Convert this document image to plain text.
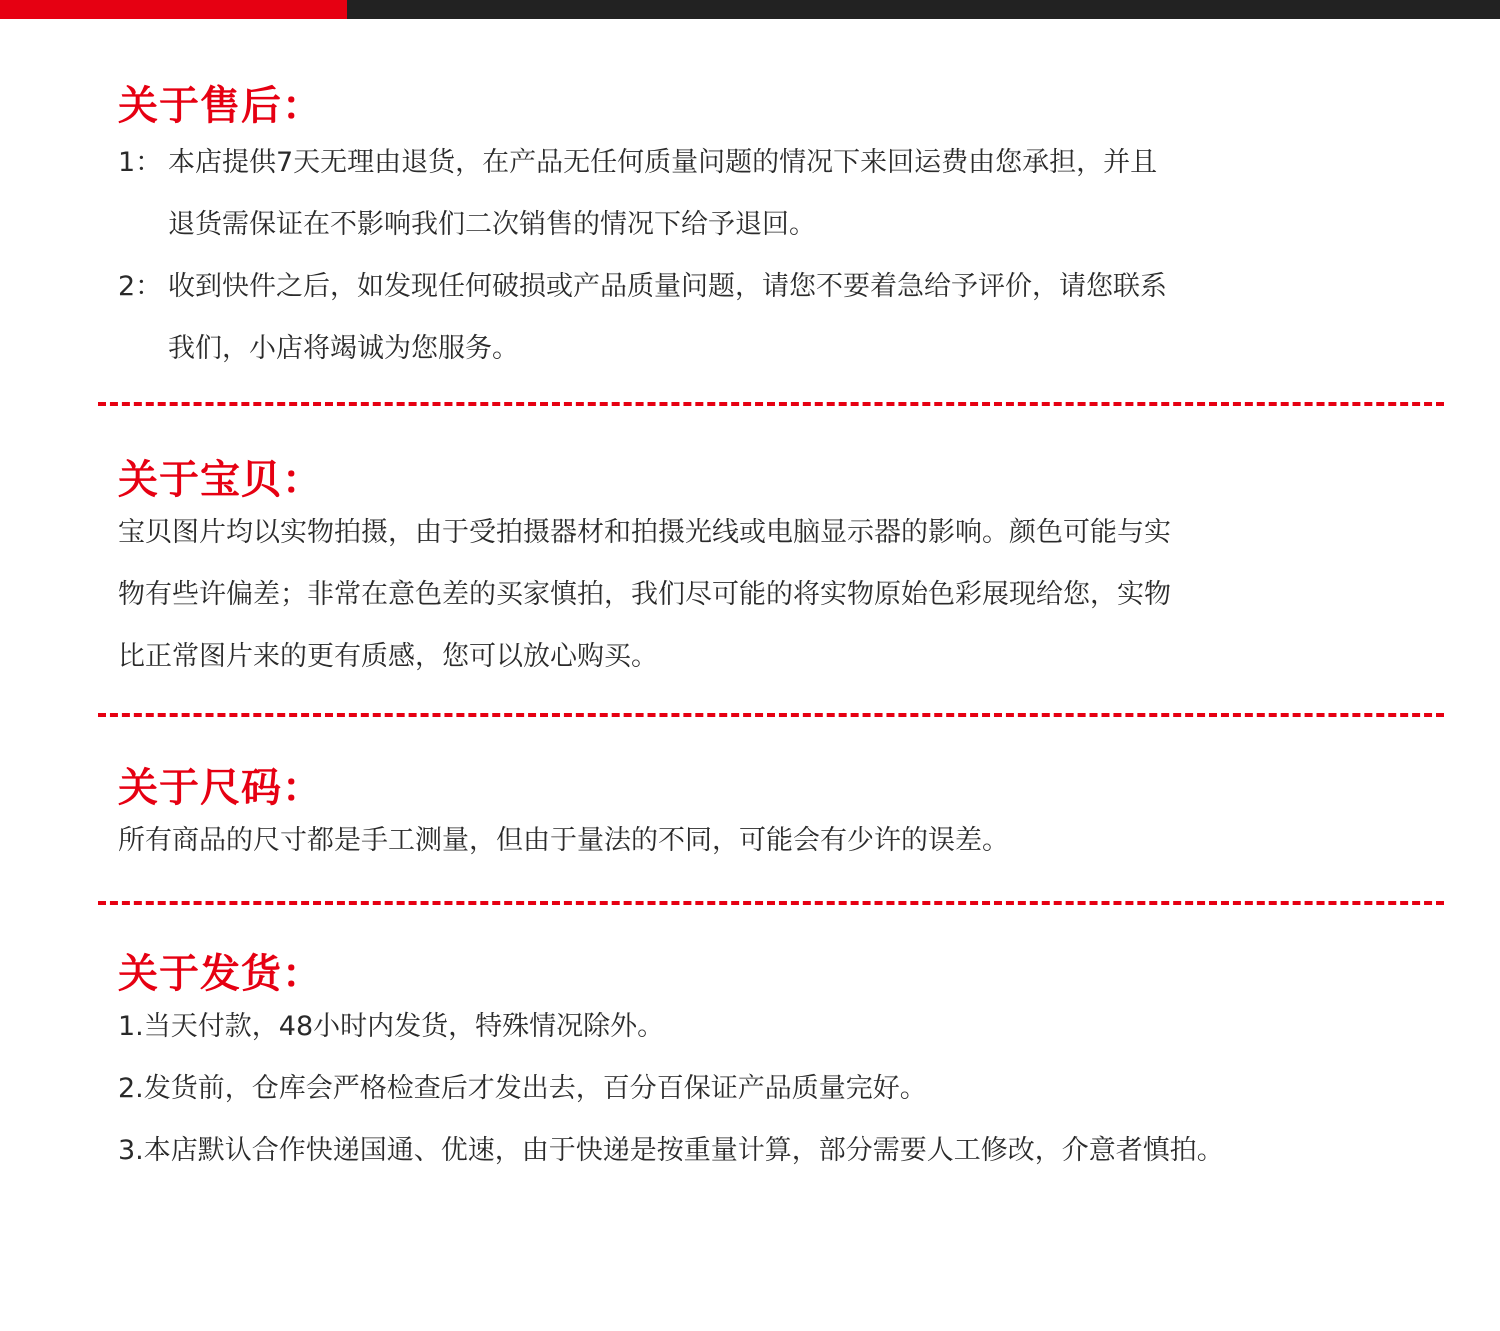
关于售后：
1： 本店提供7天无理由退货，在产品无任何质量问题的情况下来回运费由您承担，并且
退货需保证在不影响我们二次销售的情况下给予退回。
2： 收到快件之后，如发现任何破损或产品质量问题，请您不要着急给予评价，请您联系
我们，小店将竭诚为您服务。
关于宝贝：
宝贝图片均以实物拍摄，由于受拍摄器材和拍摄光线或电脑显示器的影响。颜色可能与实
物有些许偏差；非常在意色差的买家慎拍，我们尽可能的将实物原始色彩展现给您，实物
比正常图片来的更有质感，您可以放心购买。
关于尺码：
所有商品的尺寸都是手工测量，但由于量法的不同，可能会有少许的误差。
关于发货：
1.当天付款，48小时内发货，特殊情况除外。
2.发货前，仓库会严格检查后才发出去，百分百保证产品质量完好。
3. 本店默认合作快递国通、优速，由于快递是按重量计算，部分需要人工修改，介意者慎拍。
